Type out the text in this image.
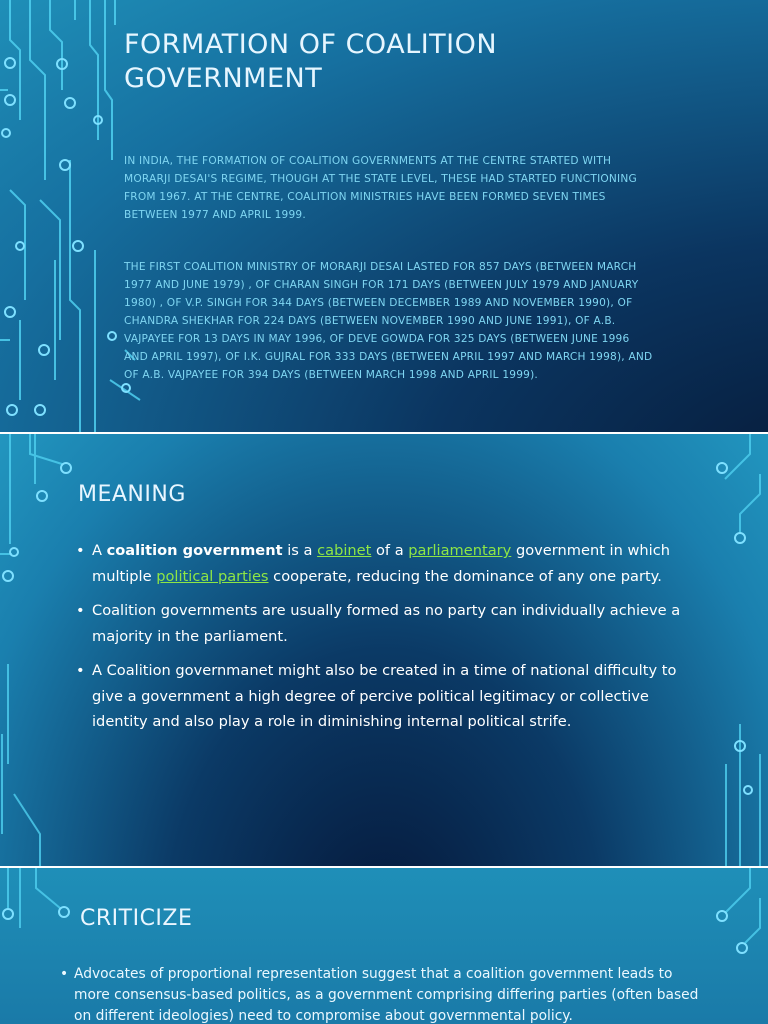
FORMATION OF COALITION GOVERNMENT

IN INDIA, THE FORMATION OF COALITION GOVERNMENTS AT THE CENTRE STARTED WITH MORARJI DESAI'S REGIME, THOUGH AT THE STATE LEVEL, THESE HAD STARTED FUNCTIONING FROM 1967. AT THE CENTRE, COALITION MINISTRIES HAVE BEEN FORMED SEVEN TIMES BETWEEN 1977 AND APRIL 1999.

THE FIRST COALITION MINISTRY OF MORARJI DESAI LASTED FOR 857 DAYS (BETWEEN MARCH 1977 AND JUNE 1979) , OF CHARAN SINGH FOR 171 DAYS (BETWEEN JULY 1979 AND JANUARY 1980) , OF V.P. SINGH FOR 344 DAYS (BETWEEN DECEMBER 1989 AND NOVEMBER 1990), OF CHANDRA SHEKHAR FOR 224 DAYS (BETWEEN NOVEMBER 1990 AND JUNE 1991), OF A.B. VAJPAYEE FOR 13 DAYS IN MAY 1996, OF DEVE GOWDA FOR 325 DAYS (BETWEEN JUNE 1996 AND APRIL 1997), OF I.K. GUJRAL FOR 333 DAYS (BETWEEN APRIL 1997 AND MARCH 1998), AND OF A.B. VAJPAYEE FOR 394 DAYS (BETWEEN MARCH 1998 AND APRIL 1999).

MEANING
• A coalition government is a cabinet of a parliamentary government in which multiple political parties cooperate, reducing the dominance of any one party.
• Coalition governments are usually formed as no party can individually achieve a majority in the parliament.
• A Coalition governmanet might also be created in a time of national difficulty to give a government a high degree of percive political legitimacy or collective identity and also play a role in diminishing internal political strife.
CRITICIZE
• Advocates of proportional representation suggest that a coalition government leads to more consensus-based politics, as a government comprising differing parties (often based on different ideologies) need to compromise about governmental policy.
